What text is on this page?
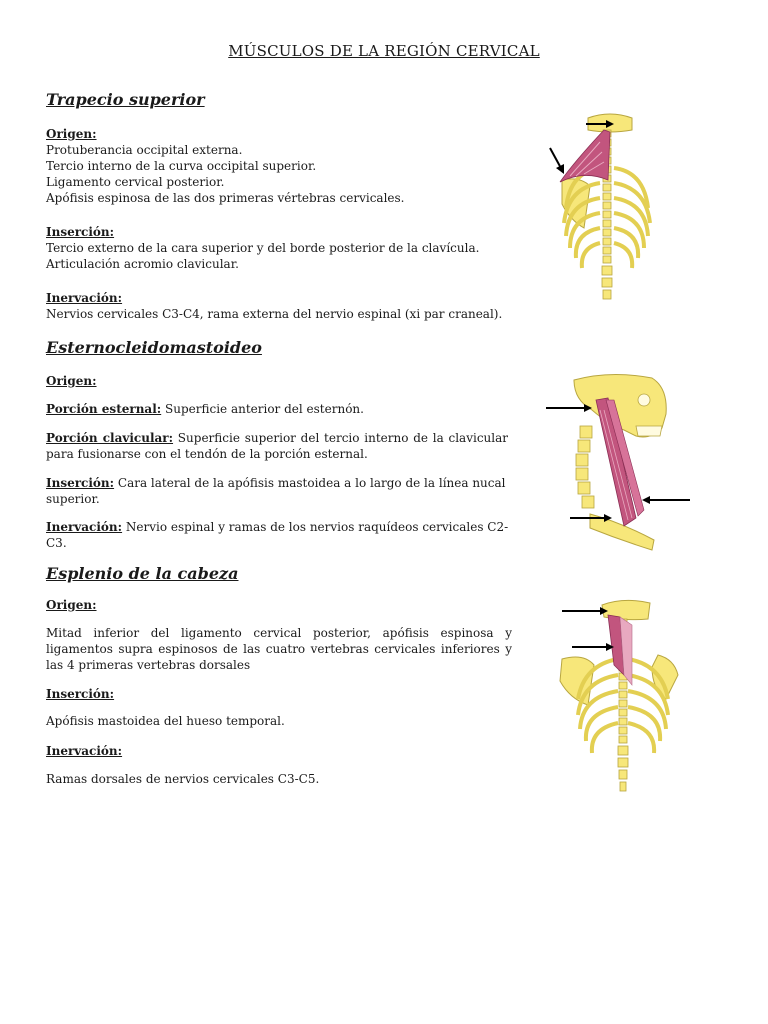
MÚSCULOS DE LA REGIÓN CERVICAL
Trapecio superior
Origen:
Protuberancia occipital externa.
Tercio interno de la curva occipital superior.
Ligamento cervical posterior.
Apófisis espinosa de las dos primeras vértebras cervicales.
Inserción:
Tercio externo de la cara superior y del borde posterior de la clavícula.
Articulación acromio clavicular.
Inervación:
Nervios cervicales C3-C4, rama externa del nervio espinal (xi par craneal).
Esternocleidomastoideo
Origen:
Porción esternal: Superficie anterior del esternón.
Porción clavicular: Superficie superior del tercio interno de la clavicular para fusionarse con el tendón de la porción esternal.
Inserción: Cara lateral de la apófisis mastoidea a lo largo de la línea nucal superior.
Inervación: Nervio espinal y ramas de los nervios raquídeos cervicales C2-C3.
Esplenio de la cabeza
Origen:
Mitad inferior del ligamento cervical posterior, apófisis espinosa y ligamentos supra espinosos de las cuatro vertebras cervicales inferiores y las 4 primeras vertebras dorsales
Inserción:
Apófisis mastoidea del hueso temporal.
Inervación:
Ramas dorsales de nervios cervicales C3-C5.
